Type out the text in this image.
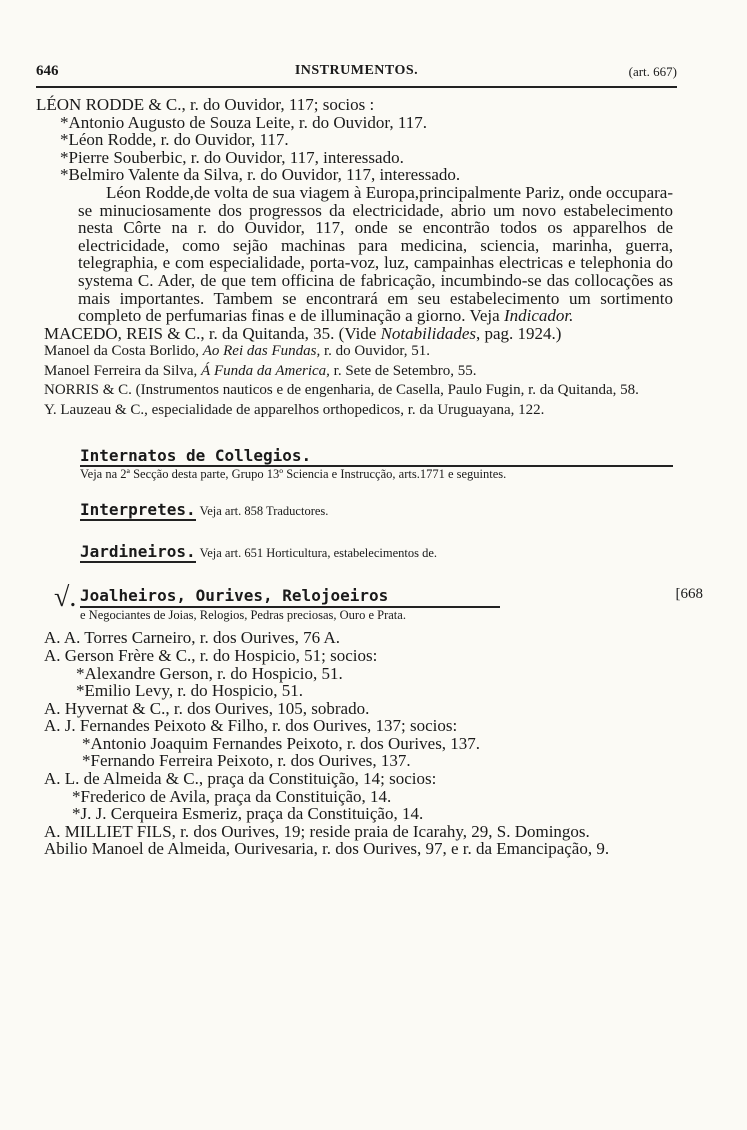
646	INSTRUMENTOS.	(art. 667)
LÉON RODDE & C., r. do Ouvidor, 117; socios :
*Antonio Augusto de Souza Leite, r. do Ouvidor, 117.
*Léon Rodde, r. do Ouvidor, 117.
*Pierre Souberbic, r. do Ouvidor, 117, interessado.
*Belmiro Valente da Silva, r. do Ouvidor, 117, interessado.
Léon Rodde,de volta de sua viagem à Europa,principalmente Pariz, onde occupara-se minuciosamente dos progressos da electricidade, abrio um novo estabelecimento nesta Côrte na r. do Ouvidor, 117, onde se encontrão todos os apparelhos de electricidade, como sejão machinas para medicina, sciencia, marinha, guerra, telegraphia, e com especialidade, porta-voz, luz, campainhas electricas e telephonia do systema C. Ader, de que tem officina de fabricação, incumbindo-se das collocações as mais importantes. Tambem se encontrará em seu estabelecimento um sortimento completo de perfumarias finas e de illuminação a giorno. Veja Indicador.
MACEDO, REIS & C., r. da Quitanda, 35. (Vide Notabilidades, pag. 1924.)
Manoel da Costa Borlido, Ao Rei das Fundas, r. do Ouvidor, 51.
Manoel Ferreira da Silva, Á Funda da America, r. Sete de Setembro, 55.
NORRIS & C. (Instrumentos nauticos e de engenharia, de Casella, Paulo Fugin, r. da Quitanda, 58.
Y. Lauzeau & C., especialidade de apparelhos orthopedicos, r. da Uruguayana, 122.
Internatos de Collegios.
Veja na 2ª Secção desta parte, Grupo 13º Sciencia e Instrucção, arts.1771 e seguintes.
Interpretes. Veja art. 858 Traductores.
Jardineiros. Veja art. 651 Horticultura, estabelecimentos de.
√. Joalheiros, Ourives, Relojoeiros	[668
e Negociantes de Joias, Relogios, Pedras preciosas, Ouro e Prata.
A. A. Torres Carneiro, r. dos Ourives, 76 A.
A. Gerson Frère & C., r. do Hospicio, 51; socios:
*Alexandre Gerson, r. do Hospicio, 51.
*Emilio Levy, r. do Hospicio, 51.
A. Hyvernat & C., r. dos Ourives, 105, sobrado.
A. J. Fernandes Peixoto & Filho, r. dos Ourives, 137; socios:
*Antonio Joaquim Fernandes Peixoto, r. dos Ourives, 137.
*Fernando Ferreira Peixoto, r. dos Ourives, 137.
A. L. de Almeida & C., praça da Constituição, 14; socios:
*Frederico de Avila, praça da Constituição, 14.
*J. J. Cerqueira Esmeriz, praça da Constituição, 14.
A. MILLIET FILS, r. dos Ourives, 19; reside praia de Icarahy, 29, S. Domingos.
Abilio Manoel de Almeida, Ourivesaria, r. dos Ourives, 97, e r. da Emancipação, 9.
